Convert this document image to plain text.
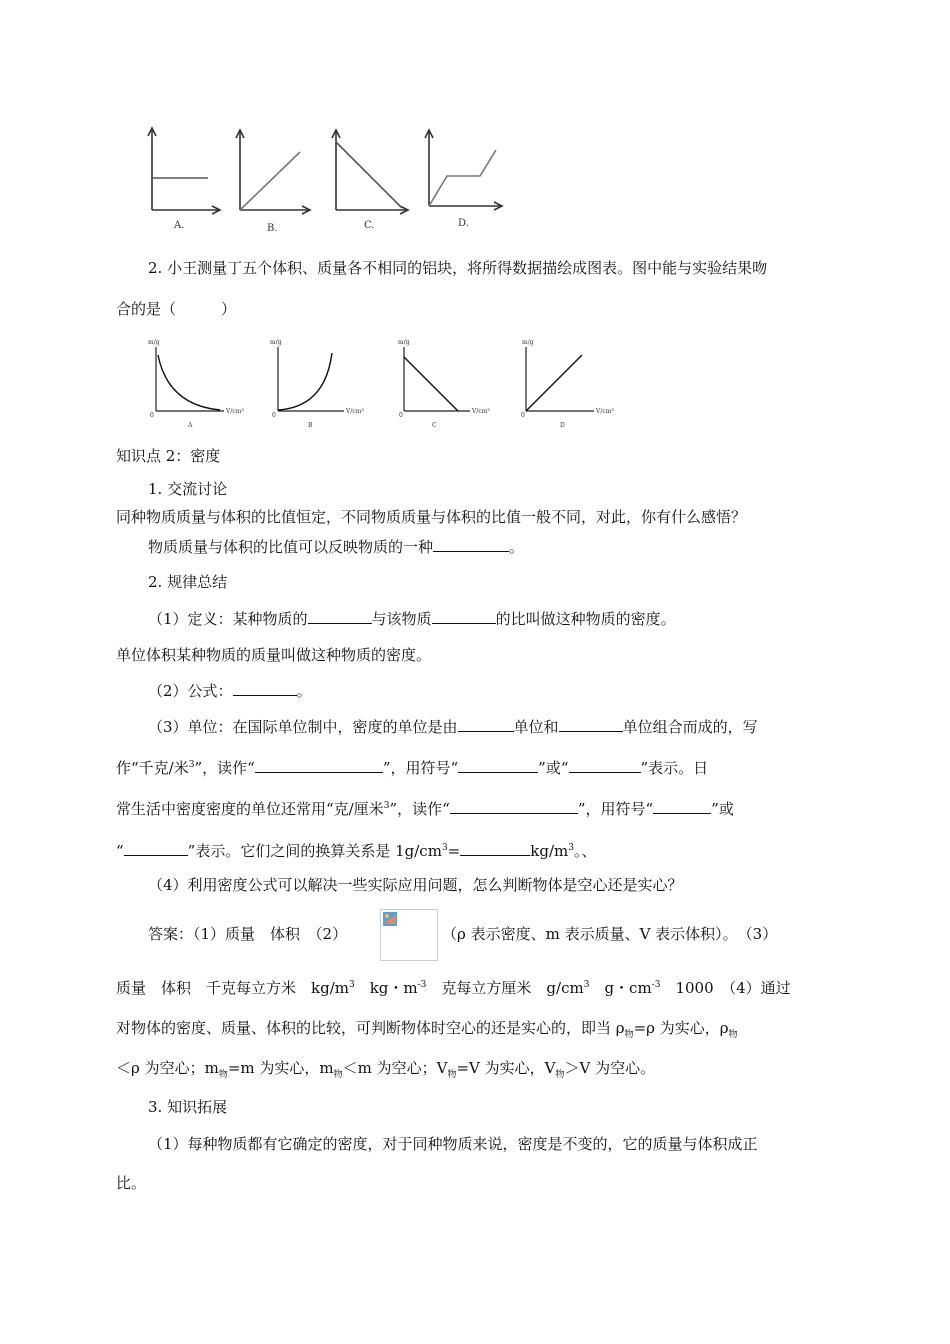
A.	B.	C.	D.
2. 小王测量丁五个体积、质量各不相同的铝块，将所得数据描绘成图表。图中能与实验结果吻
合的是（　　　）
m/g
V/cm³
0
A
m/g
V/cm³
0
B
m/g
V/cm³
0
C
m/g
V/cm³
0
D
知识点 2：密度
1. 交流讨论
同种物质质量与体积的比值恒定，不同物质质量与体积的比值一般不同，对此，你有什么感悟？
物质质量与体积的比值可以反映物质的一种	。
2. 规律总结
（1）定义：某种物质的	与该物质	的比叫做这种物质的密度。
单位体积某种物质的质量叫做这种物质的密度。
（2）公式：	。
（3）单位：在国际单位制中，密度的单位是由	单位和	单位组合而成的，写
作“千克/米$^3$”，读作“	”，用符号“	”或“	”表示。日
常生活中密度密度的单位还常用“克/厘米$^3$”，读作“	”，用符号“	”或
“	”表示。它们之间的换算关系是 $1g/cm^3=$	$kg/m^3$。、
（4）利用密度公式可以解决一些实际应用问题，怎么判断物体是空心还是实心？
答案：（1）质量　体积　（2）	（ρ 表示密度、m 表示质量、V 表示体积）。　（3）
质量　体积　千克每立方米　$kg/m^3$　kg・$m^{-3}$　克每立方厘米　$g/cm^3$　g・$cm^{-3}$　1000　（4）通过
对物体的密度、质量、体积的比较，可判断物体时空心的还是实心的，即当 $\rho_物=\rho$ 为实心，$\rho_物$
＜ρ 为空心；$m_物=m$ 为实心，$m_物<m$ 为空心；$V_物=V$ 为实心，$V_物>V$ 为空心。
3. 知识拓展
（1）每种物质都有它确定的密度，对于同种物质来说，密度是不变的，它的质量与体积成正
比。
